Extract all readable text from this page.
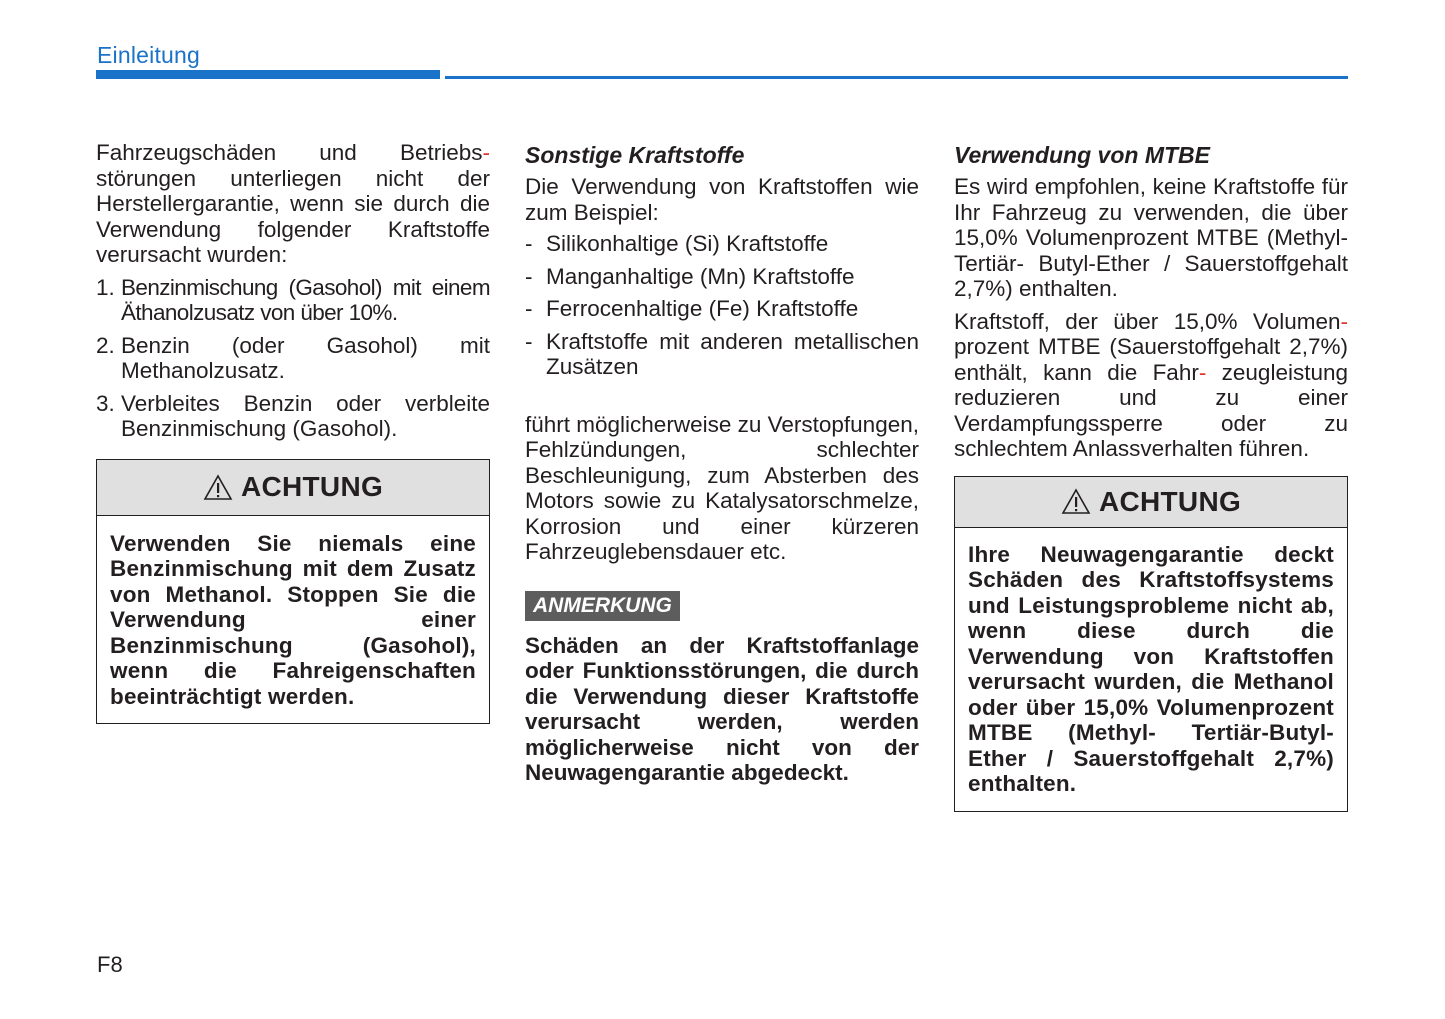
Einleitung

Fahrzeugschäden und Betriebs- störungen unterliegen nicht der Herstellergarantie, wenn sie durch die Verwendung folgender Kraftstoffe verursacht wurden:

1. Benzinmischung (Gasohol) mit einem Äthanolzusatz von über 10%.
2. Benzin (oder Gasohol) mit Methanolzusatz.
3. Verbleites Benzin oder verbleite Benzinmischung (Gasohol).
ACHTUNG
Verwenden Sie niemals eine Benzinmischung mit dem Zusatz von Methanol. Stoppen Sie die Verwendung einer Benzinmischung (Gasohol), wenn die Fahreigenschaften beeinträchtigt werden.
Sonstige Kraftstoffe
Die Verwendung von Kraftstoffen wie zum Beispiel:
- Silikonhaltige (Si) Kraftstoffe
- Manganhaltige (Mn) Kraftstoffe
- Ferrocenhaltige (Fe) Kraftstoffe
- Kraftstoffe mit anderen metallischen Zusätzen
führt möglicherweise zu Verstopfungen, Fehlzündungen, schlechter Beschleunigung, zum Absterben des Motors sowie zu Katalysatorschmelze, Korrosion und einer kürzeren Fahrzeuglebensdauer etc.
ANMERKUNG
Schäden an der Kraftstoffanlage oder Funktionsstörungen, die durch die Verwendung dieser Kraftstoffe verursacht werden, werden möglicherweise nicht von der Neuwagengarantie abgedeckt.
Verwendung von MTBE
Es wird empfohlen, keine Kraftstoffe für Ihr Fahrzeug zu verwenden, die über 15,0% Volumenprozent MTBE (Methyl-Tertiär- Butyl-Ether / Sauerstoffgehalt 2,7%) enthalten.

Kraftstoff, der über 15,0% Volumen- prozent MTBE (Sauerstoffgehalt 2,7%) enthält, kann die Fahr- zeugleistung reduzieren und zu einer Verdampfungssperre oder zu schlechtem Anlassverhalten führen.

ACHTUNG
Ihre Neuwagengarantie deckt Schäden des Kraftstoffsystems und Leistungsprobleme nicht ab, wenn diese durch die Verwendung von Kraftstoffen verursacht wurden, die Methanol oder über 15,0% Volumenprozent MTBE (Methyl- Tertiär-Butyl-Ether / Sauerstoffgehalt 2,7%) enthalten.
F8
